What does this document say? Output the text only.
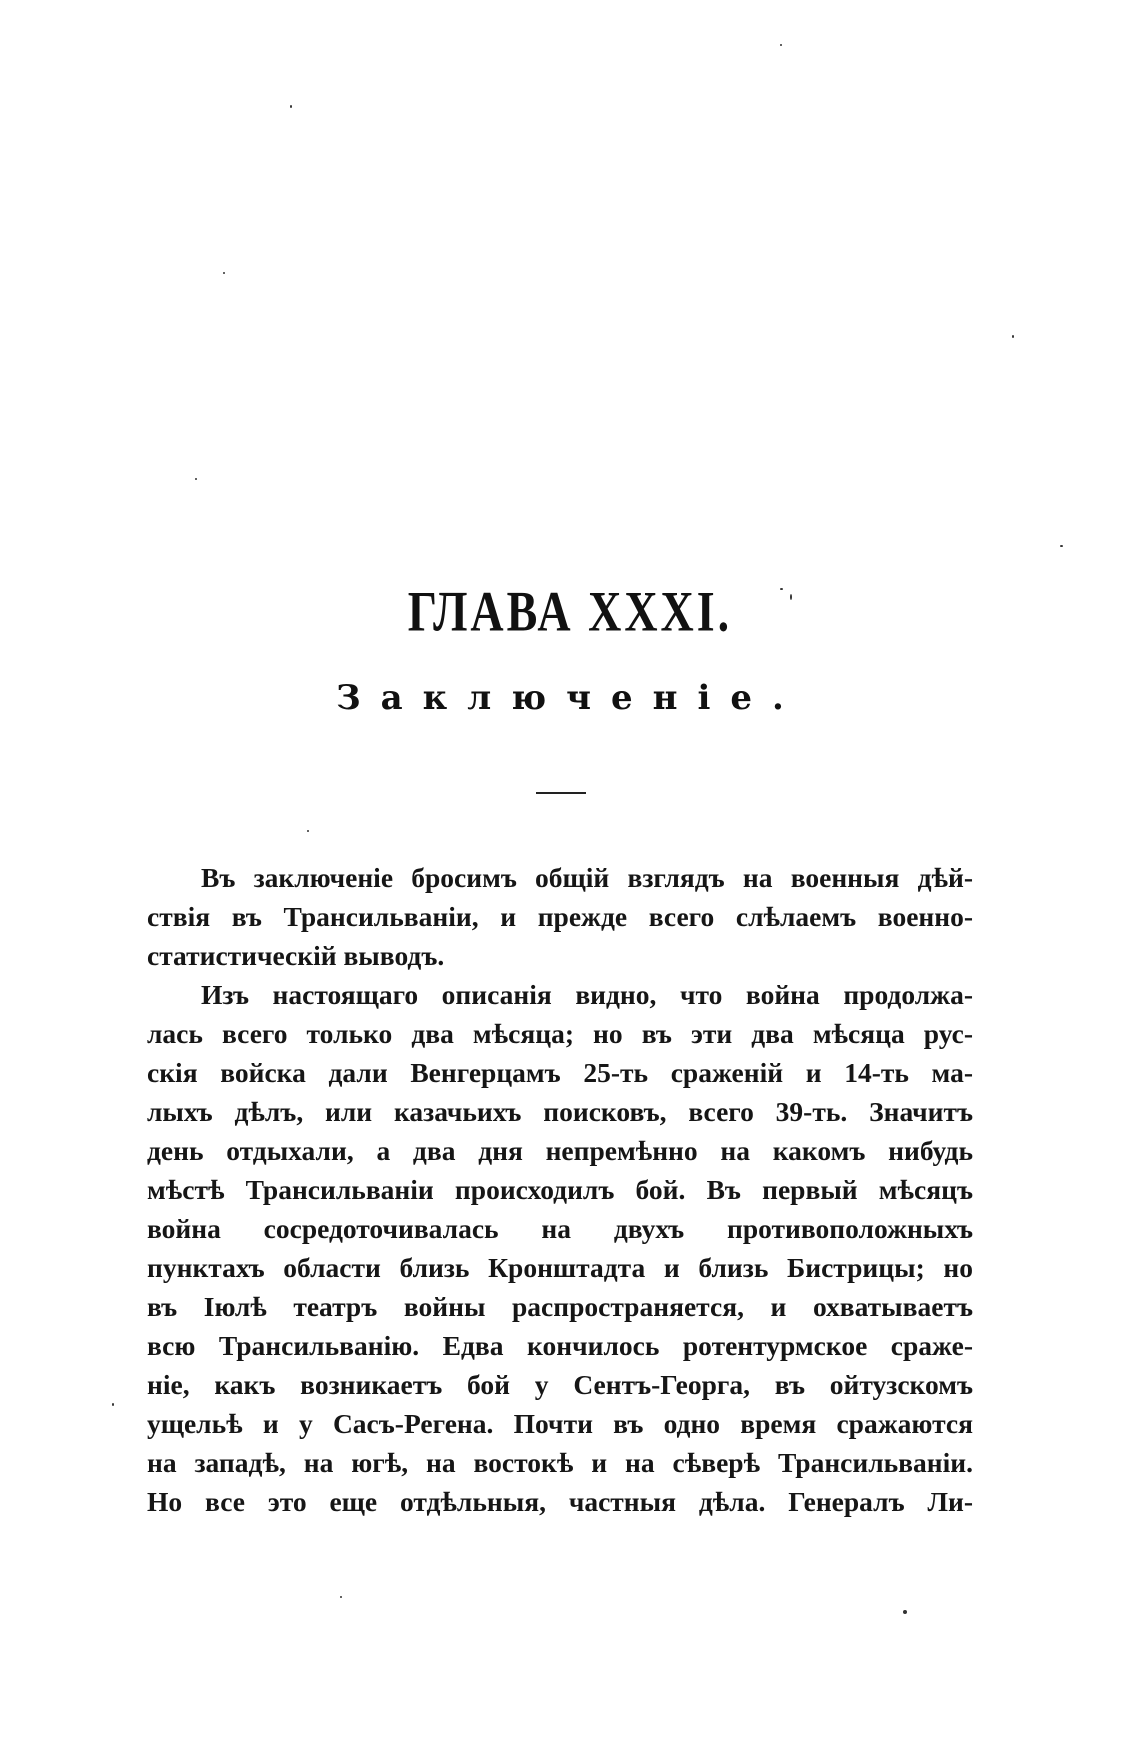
ГЛАВА XXXI.
Заключеніе.
Въ заключеніе бросимъ общій взглядъ на военныя дѣй-
ствія въ Трансильваніи, и прежде всего слѣлаемъ военно-
статистическій выводъ.
Изъ настоящаго описанія видно, что война продолжа-
лась всего только два мѣсяца; но въ эти два мѣсяца рус-
скія войска дали Венгерцамъ 25-ть сраженій и 14-ть ма-
лыхъ дѣлъ, или казачьихъ поисковъ, всего 39-ть. Значитъ
день отдыхали, а два дня непремѣнно на какомъ нибудь
мѣстѣ Трансильваніи происходилъ бой. Въ первый мѣсяцъ
война сосредоточивалась на двухъ противоположныхъ
пунктахъ области близь Кронштадта и близь Бистрицы; но
въ Іюлѣ театръ войны распространяется, и охватываетъ
всю Трансильванію. Едва кончилось ротентурмское сраже-
ніе, какъ возникаетъ бой у Сентъ-Георга, въ ойтузскомъ
ущельѣ и у Сасъ-Регена. Почти въ одно время сражаются
на западѣ, на югѣ, на востокѣ и на сѣверѣ Трансильваніи.
Но все это еще отдѣльныя, частныя дѣла. Генералъ Ли-
